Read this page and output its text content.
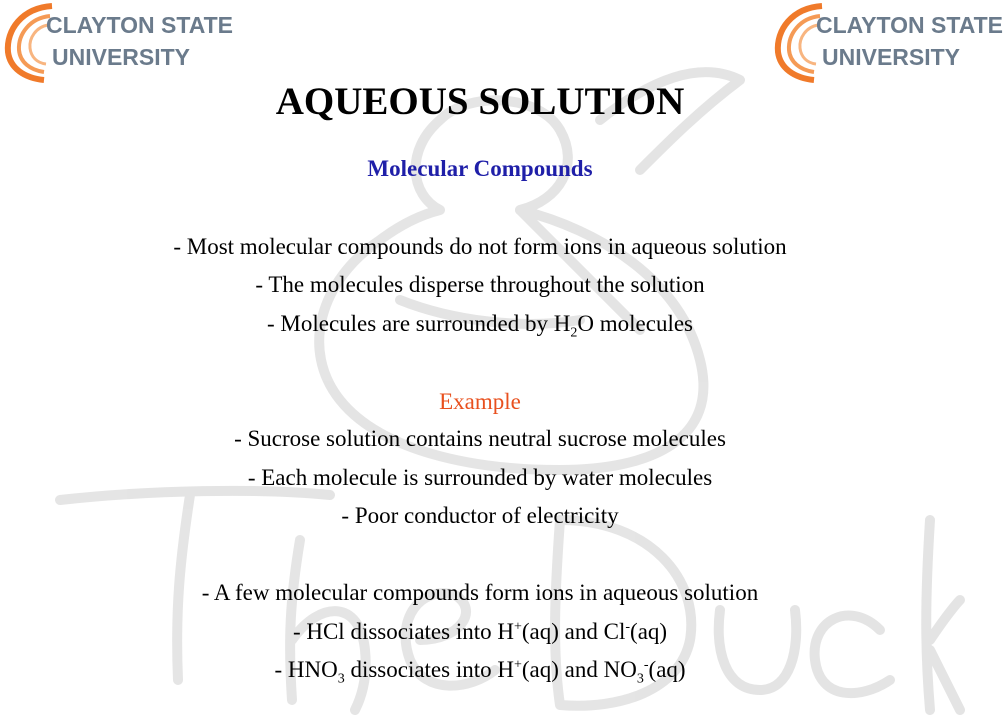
CLAYTON STATE
UNIVERSITY
CLAYTON STATE
UNIVERSITY
AQUEOUS SOLUTION
Molecular Compounds
- Most molecular compounds do not form ions in aqueous solution
- The molecules disperse throughout the solution
- Molecules are surrounded by $H_2O$ molecules
Example
- Sucrose solution contains neutral sucrose molecules
- Each molecule is surrounded by water molecules
- Poor conductor of electricity
- A few molecular compounds form ions in aqueous solution
- HCl dissociates into H+(aq) and Cl-(aq)
- $HNO_3$ dissociates into H+(aq) and $NO_3^-(aq)$
